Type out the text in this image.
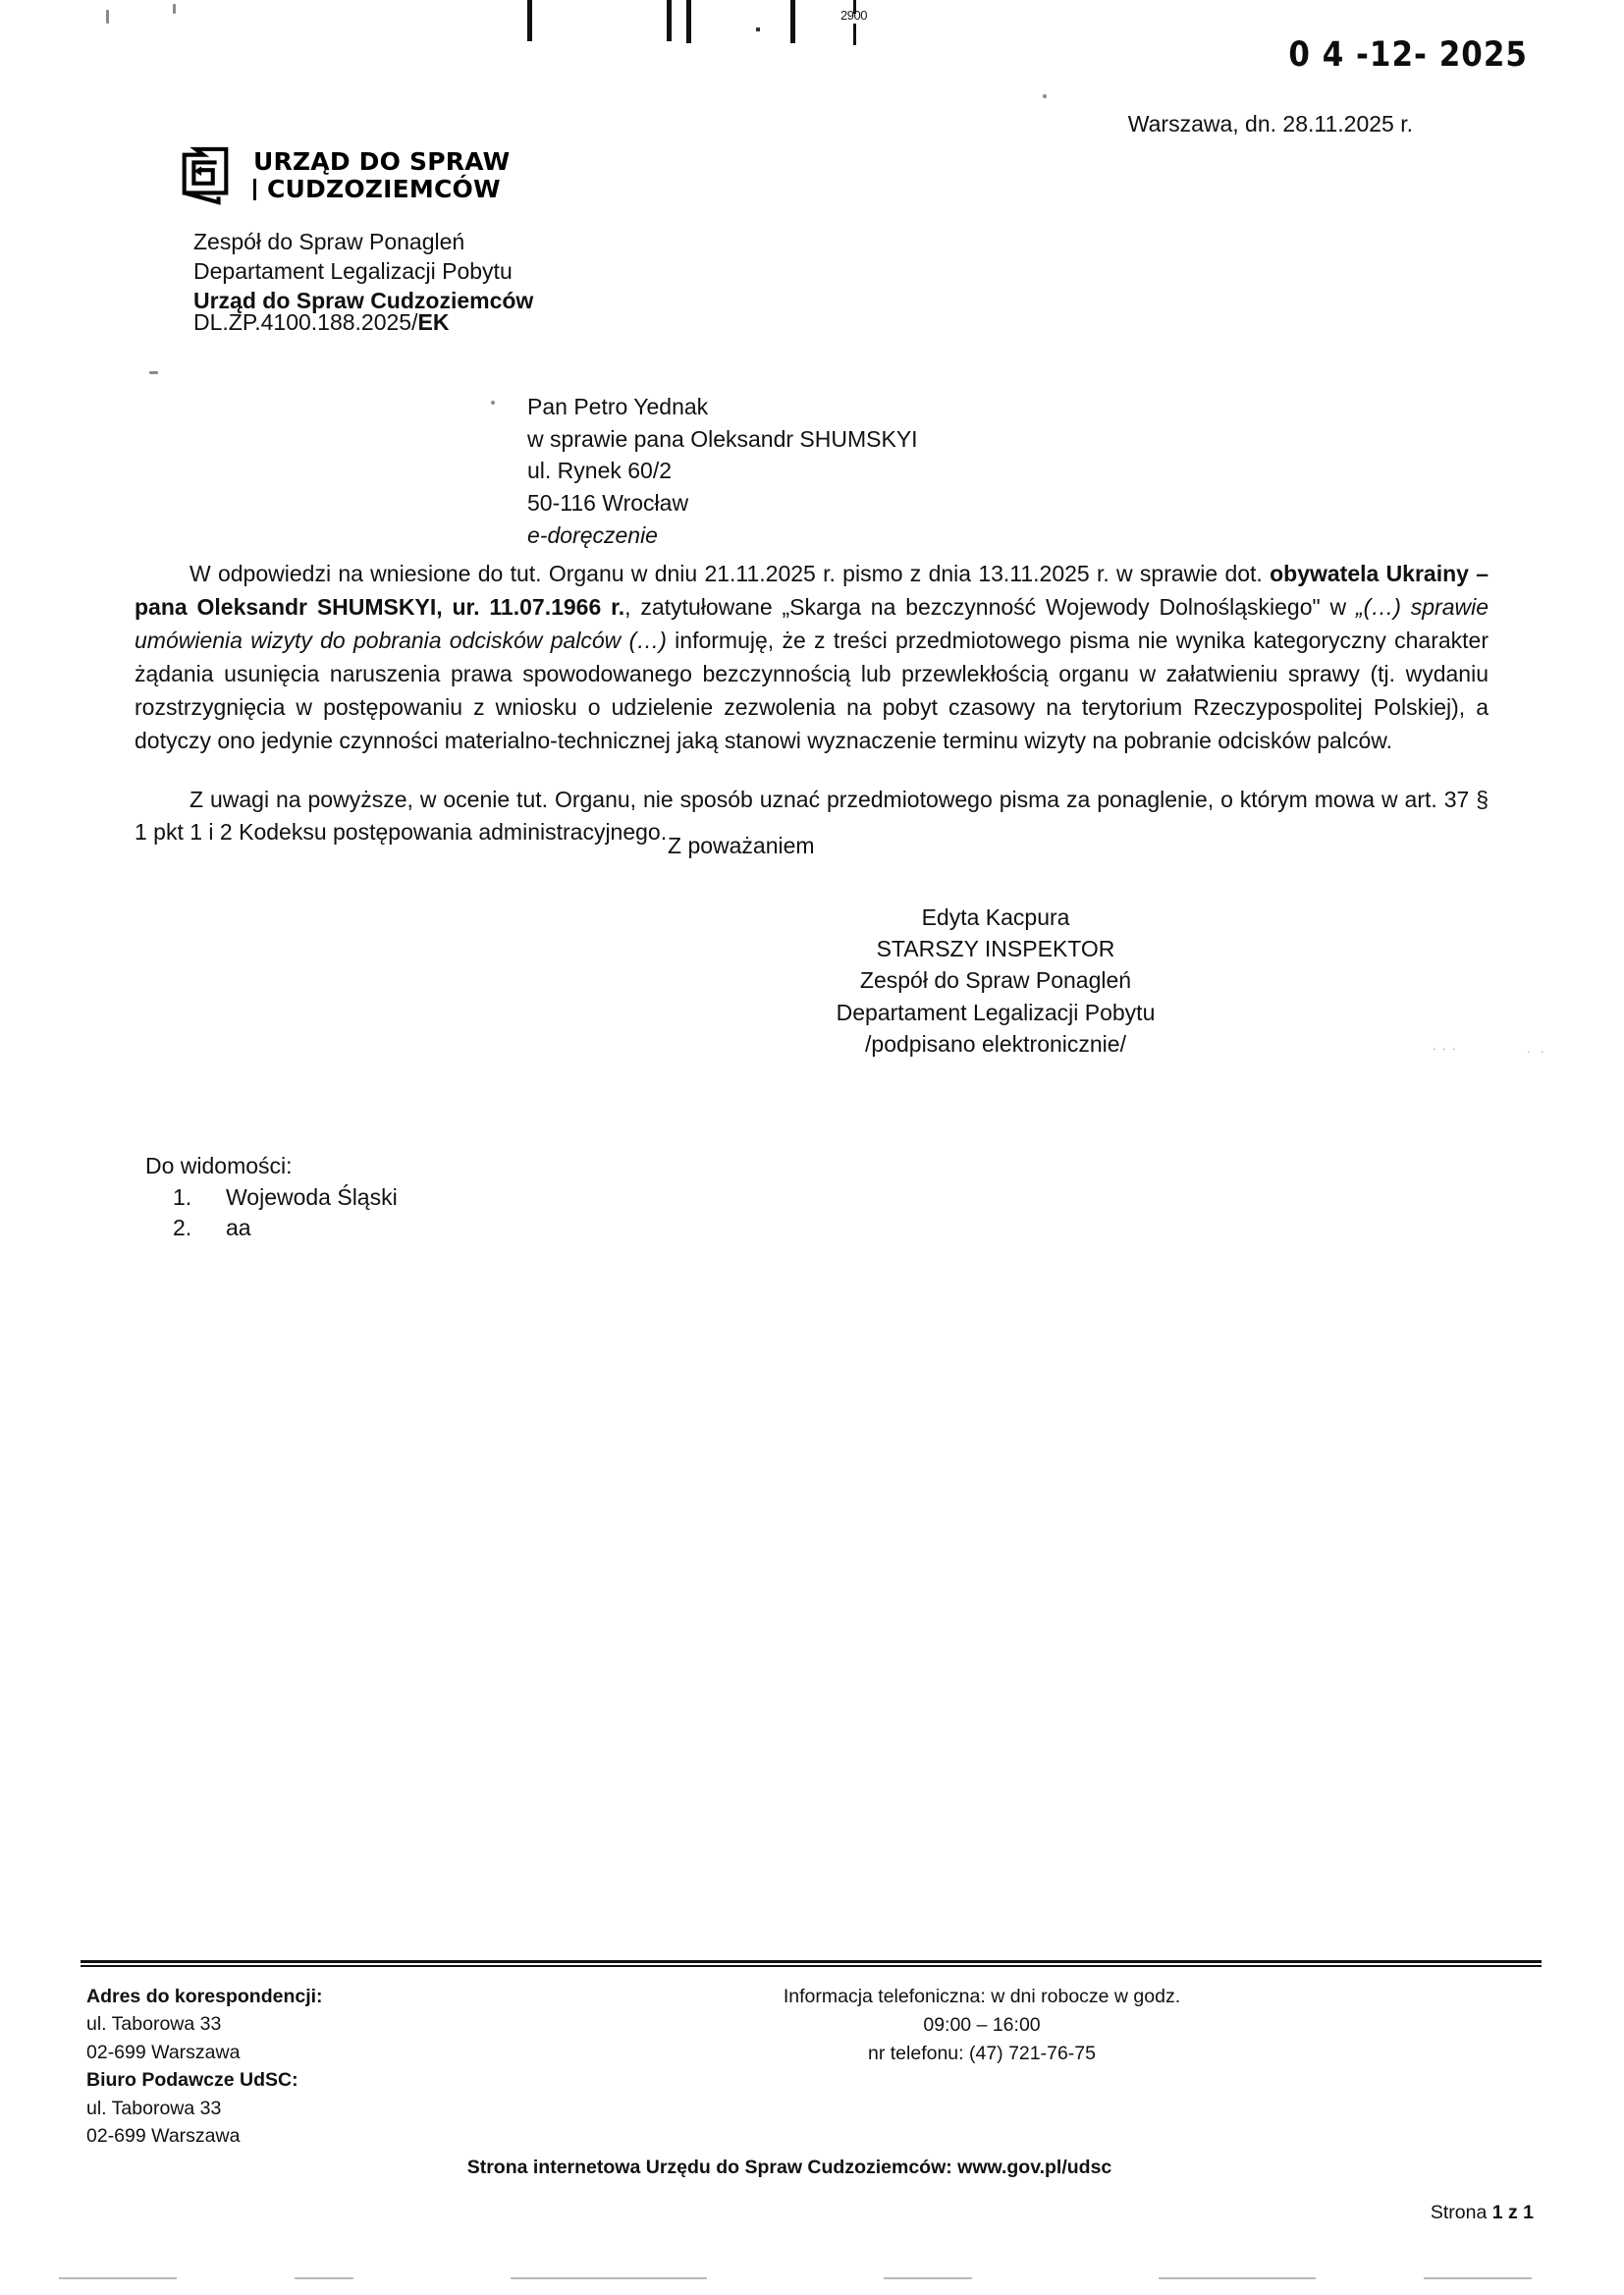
2900
0 4 -12- 2025
Warszawa, dn. 28.11.2025 r.
URZĄD DO SPRAW
CUDZOZIEMCÓW
Zespół do Spraw Ponagleń
Departament Legalizacji Pobytu
Urząd do Spraw Cudzoziemców
DL.ZP.4100.188.2025/EK
Pan Petro Yednak
w sprawie pana Oleksandr SHUMSKYI
ul. Rynek 60/2
50-116 Wrocław
e-doręczenie

W odpowiedzi na wniesione do tut. Organu w dniu 21.11.2025 r. pismo z dnia 13.11.2025 r. w sprawie dot. obywatela Ukrainy – pana Oleksandr SHUMSKYI, ur. 11.07.1966 r., zatytułowane „Skarga na bezczynność Wojewody Dolnośląskiego" w „(…) sprawie umówienia wizyty do pobrania odcisków palców (…) informuję, że z treści przedmiotowego pisma nie wynika kategoryczny charakter żądania usunięcia naruszenia prawa spowodowanego bezczynnością lub przewlekłością organu w załatwieniu sprawy (tj. wydaniu rozstrzygnięcia w postępowaniu z wniosku o udzielenie zezwolenia na pobyt czasowy na terytorium Rzeczypospolitej Polskiej), a dotyczy ono jedynie czynności materialno-technicznej jaką stanowi wyznaczenie terminu wizyty na pobranie odcisków palców.

Z uwagi na powyższe, w ocenie tut. Organu, nie sposób uznać przedmiotowego pisma za ponaglenie, o którym mowa w art. 37 § 1 pkt 1 i 2 Kodeksu postępowania administracyjnego.

Z poważaniem
Edyta Kacpura
STARSZY INSPEKTOR
Zespół do Spraw Ponagleń
Departament Legalizacji Pobytu
/podpisano elektronicznie/	· · ·	· ·
Do widomości:
Wojewoda Śląski
aa
Adres do korespondencji:
ul. Taborowa 33
02-699 Warszawa
Biuro Podawcze UdSC:
ul. Taborowa 33
02-699 Warszawa
Informacja telefoniczna: w dni robocze w godz.
09:00 – 16:00
nr telefonu: (47) 721-76-75
Strona internetowa Urzędu do Spraw Cudzoziemców: www.gov.pl/udsc
Strona 1 z 1
